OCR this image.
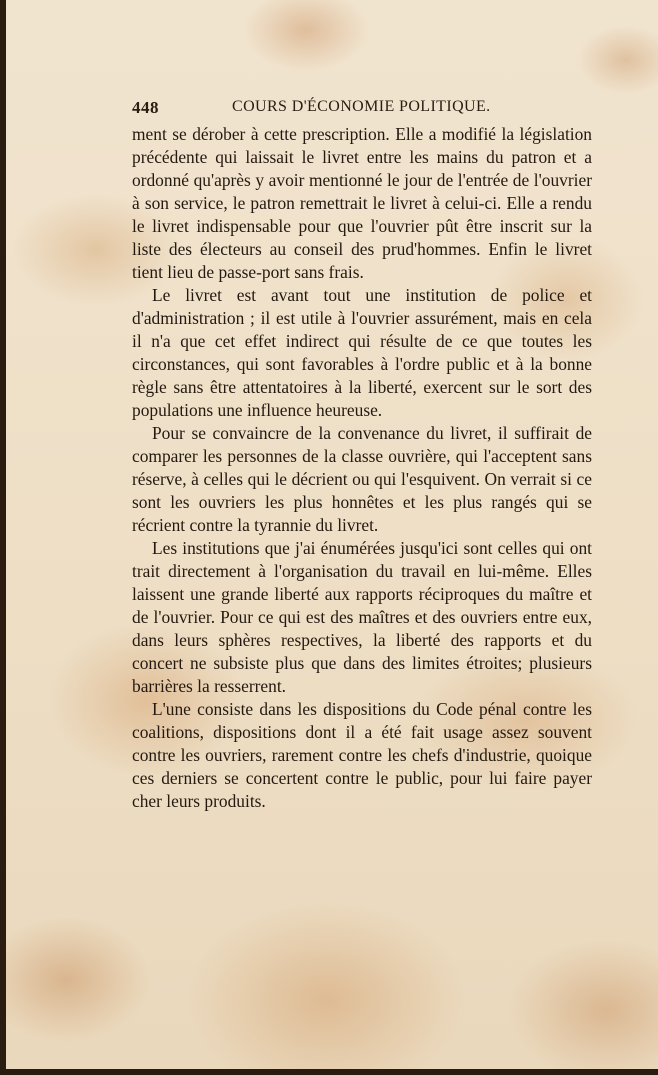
448	COURS D'ÉCONOMIE POLITIQUE.

ment se dérober à cette prescription. Elle a modifié la législation précédente qui laissait le livret entre les mains du patron et a ordonné qu'après y avoir mentionné le jour de l'entrée de l'ouvrier à son service, le patron remettrait le livret à celui-ci. Elle a rendu le livret indispensable pour que l'ouvrier pût être inscrit sur la liste des électeurs au conseil des prud'hommes. Enfin le livret tient lieu de passe-port sans frais.

Le livret est avant tout une institution de police et d'administration ; il est utile à l'ouvrier assurément, mais en cela il n'a que cet effet indirect qui résulte de ce que toutes les circonstances, qui sont favorables à l'ordre public et à la bonne règle sans être attentatoires à la liberté, exercent sur le sort des populations une influence heureuse.

Pour se convaincre de la convenance du livret, il suffirait de comparer les personnes de la classe ouvrière, qui l'acceptent sans réserve, à celles qui le décrient ou qui l'esquivent. On verrait si ce sont les ouvriers les plus honnêtes et les plus rangés qui se récrient contre la tyrannie du livret.

Les institutions que j'ai énumérées jusqu'ici sont celles qui ont trait directement à l'organisation du travail en lui-même. Elles laissent une grande liberté aux rapports réciproques du maître et de l'ouvrier. Pour ce qui est des maîtres et des ouvriers entre eux, dans leurs sphères respectives, la liberté des rapports et du concert ne subsiste plus que dans des limites étroites; plusieurs barrières la resserrent.

L'une consiste dans les dispositions du Code pénal contre les coalitions, dispositions dont il a été fait usage assez souvent contre les ouvriers, rarement contre les chefs d'industrie, quoique ces derniers se concertent contre le public, pour lui faire payer cher leurs produits.
